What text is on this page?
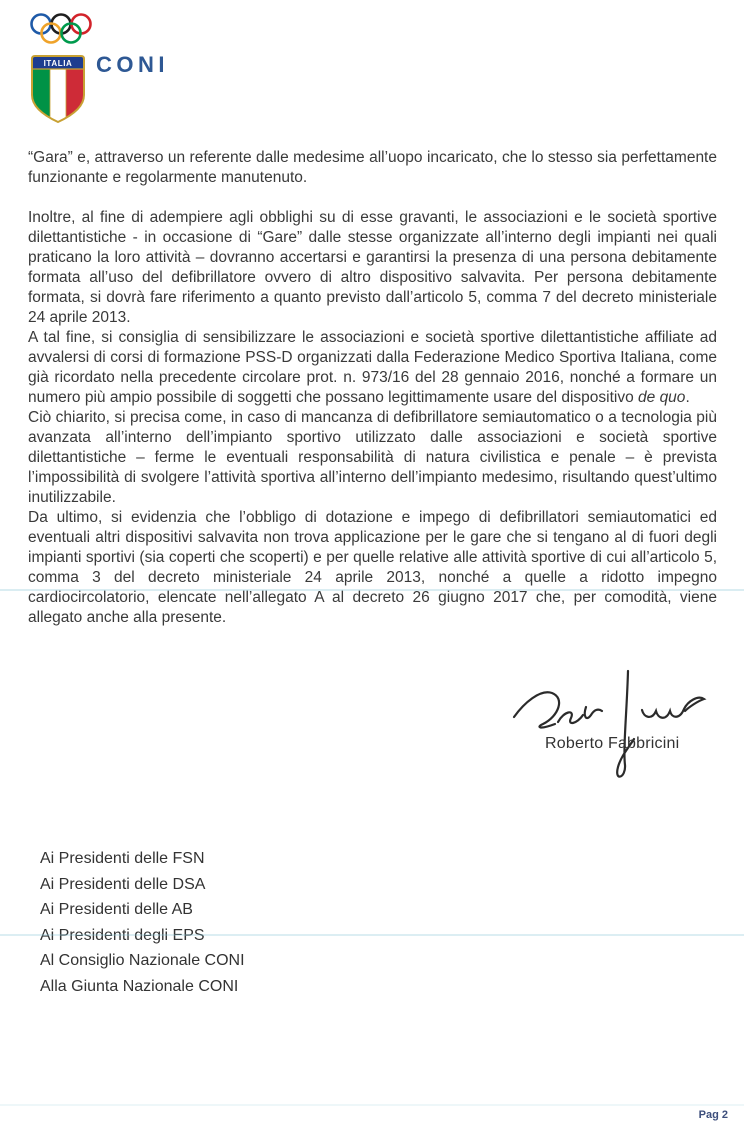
ITALIA CONI

“Gara” e, attraverso un referente dalle medesime all’uopo incaricato, che lo stesso sia perfettamente funzionante e regolarmente manutenuto.

Inoltre, al fine di adempiere agli obblighi su di esse gravanti, le associazioni e le società sportive dilettantistiche - in occasione di “Gare” dalle stesse organizzate all’interno degli impianti nei quali praticano la loro attività – dovranno accertarsi e garantirsi la presenza di una persona debitamente formata all’uso del defibrillatore ovvero di altro dispositivo salvavita. Per persona debitamente formata, si dovrà fare riferimento a quanto previsto dall’articolo 5, comma 7 del decreto ministeriale 24 aprile 2013.

A tal fine, si consiglia di sensibilizzare le associazioni e società sportive dilettantistiche affiliate ad avvalersi di corsi di formazione PSS-D organizzati dalla Federazione Medico Sportiva Italiana, come già ricordato nella precedente circolare prot. n. 973/16 del 28 gennaio 2016, nonché a formare un numero più ampio possibile di soggetti che possano legittimamente usare del dispositivo de quo.

Ciò chiarito, si precisa come, in caso di mancanza di defibrillatore semiautomatico o a tecnologia più avanzata all’interno dell’impianto sportivo utilizzato dalle associazioni e società sportive dilettantistiche – ferme le eventuali responsabilità di natura civilistica e penale – è prevista l’impossibilità di svolgere l’attività sportiva all’interno dell’impianto medesimo, risultando quest’ultimo inutilizzabile.

Da ultimo, si evidenzia che l’obbligo di dotazione e impego di defibrillatori semiautomatici ed eventuali altri dispositivi salvavita non trova applicazione per le gare che si tengano al di fuori degli impianti sportivi (sia coperti che scoperti) e per quelle relative alle attività sportive di cui all’articolo 5, comma 3 del decreto ministeriale 24 aprile 2013, nonché a quelle a ridotto impegno cardiocircolatorio, elencate nell’allegato A al decreto 26 giugno 2017 che, per comodità, viene allegato anche alla presente.

Roberto Fabbricini
Ai Presidenti delle FSN
Ai Presidenti delle DSA
Ai Presidenti delle AB
Ai Presidenti degli EPS
Al Consiglio Nazionale CONI
Alla Giunta Nazionale CONI
Pag 2
